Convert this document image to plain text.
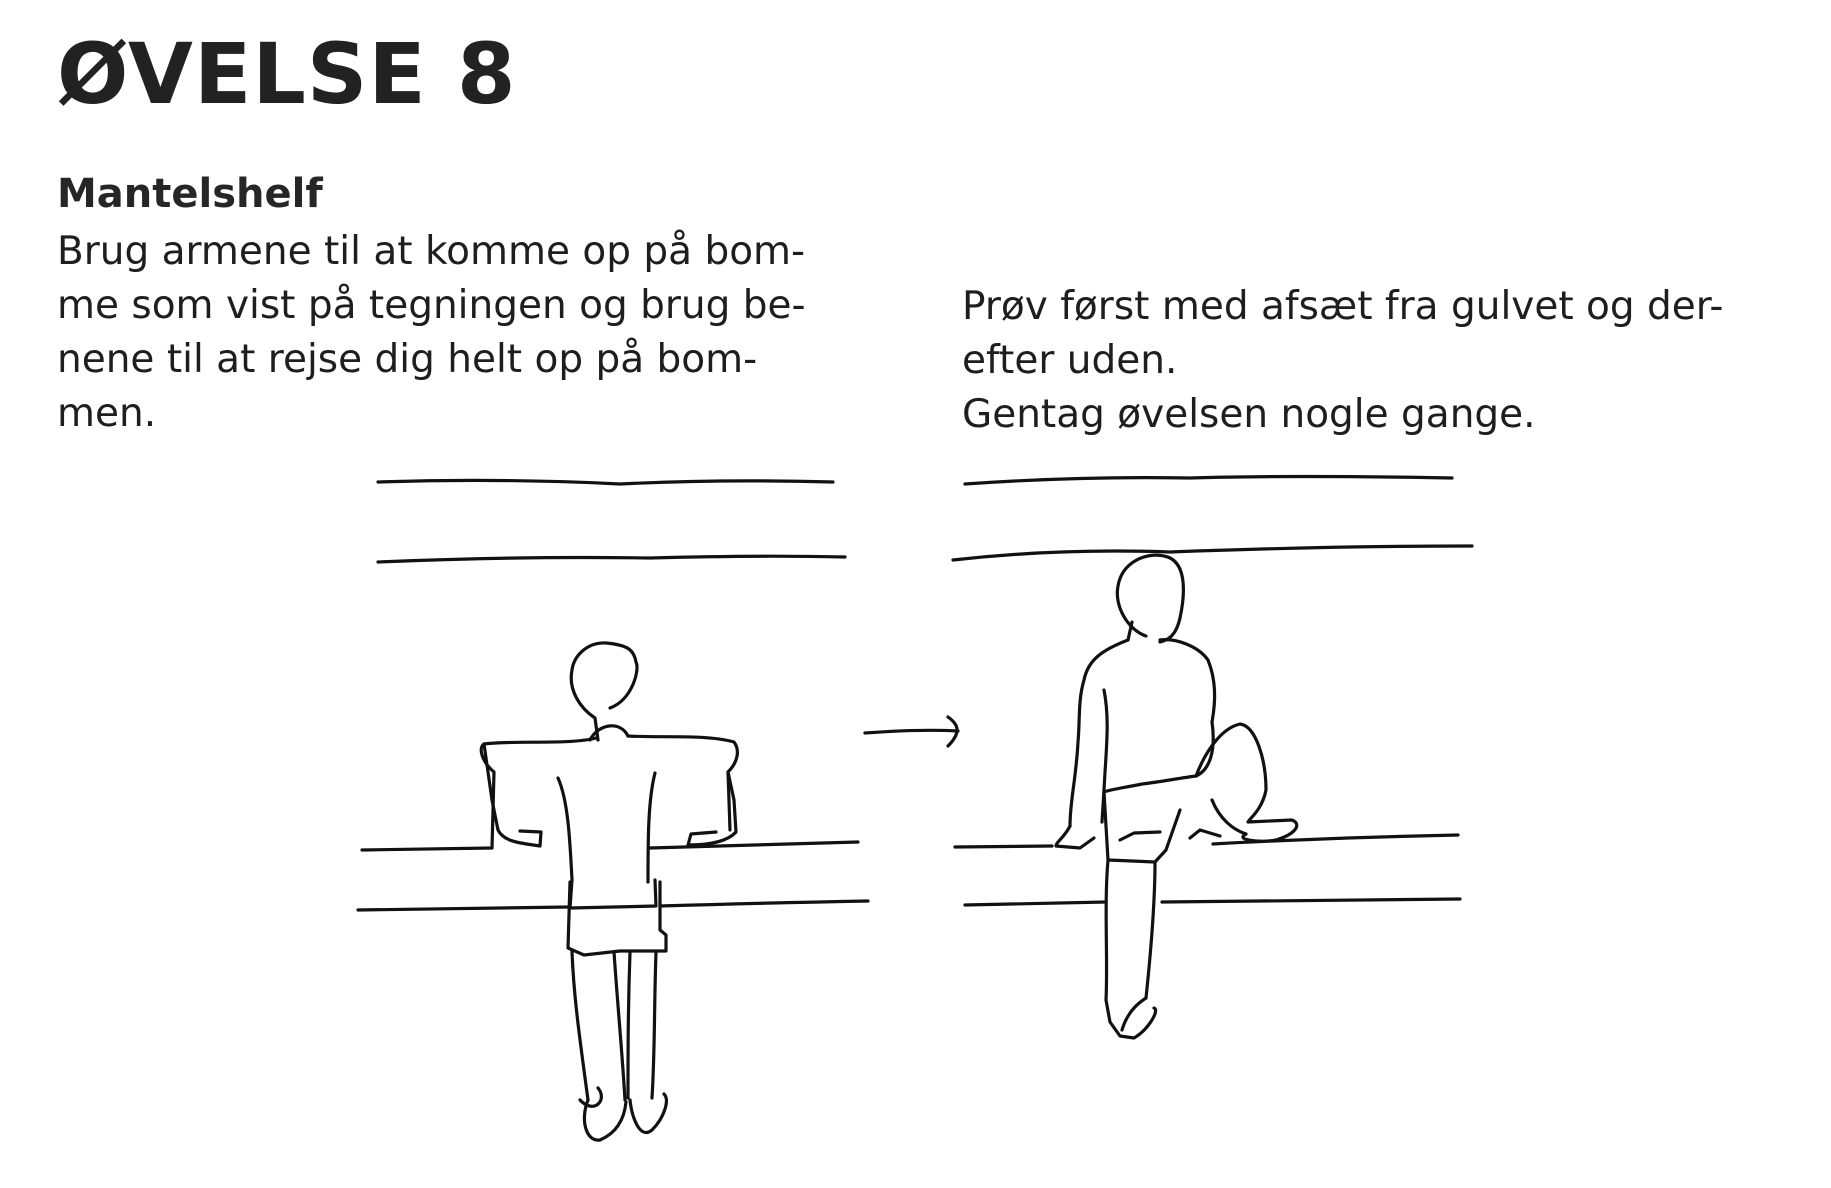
ØVELSE 8
Mantelshelf

Brug armene til at komme op på bom-
me som vist på tegningen og brug be-
nene til at rejse dig helt op på bom-
men.

Prøv først med afsæt fra gulvet og der-
efter uden.
Gentag øvelsen nogle gange.
